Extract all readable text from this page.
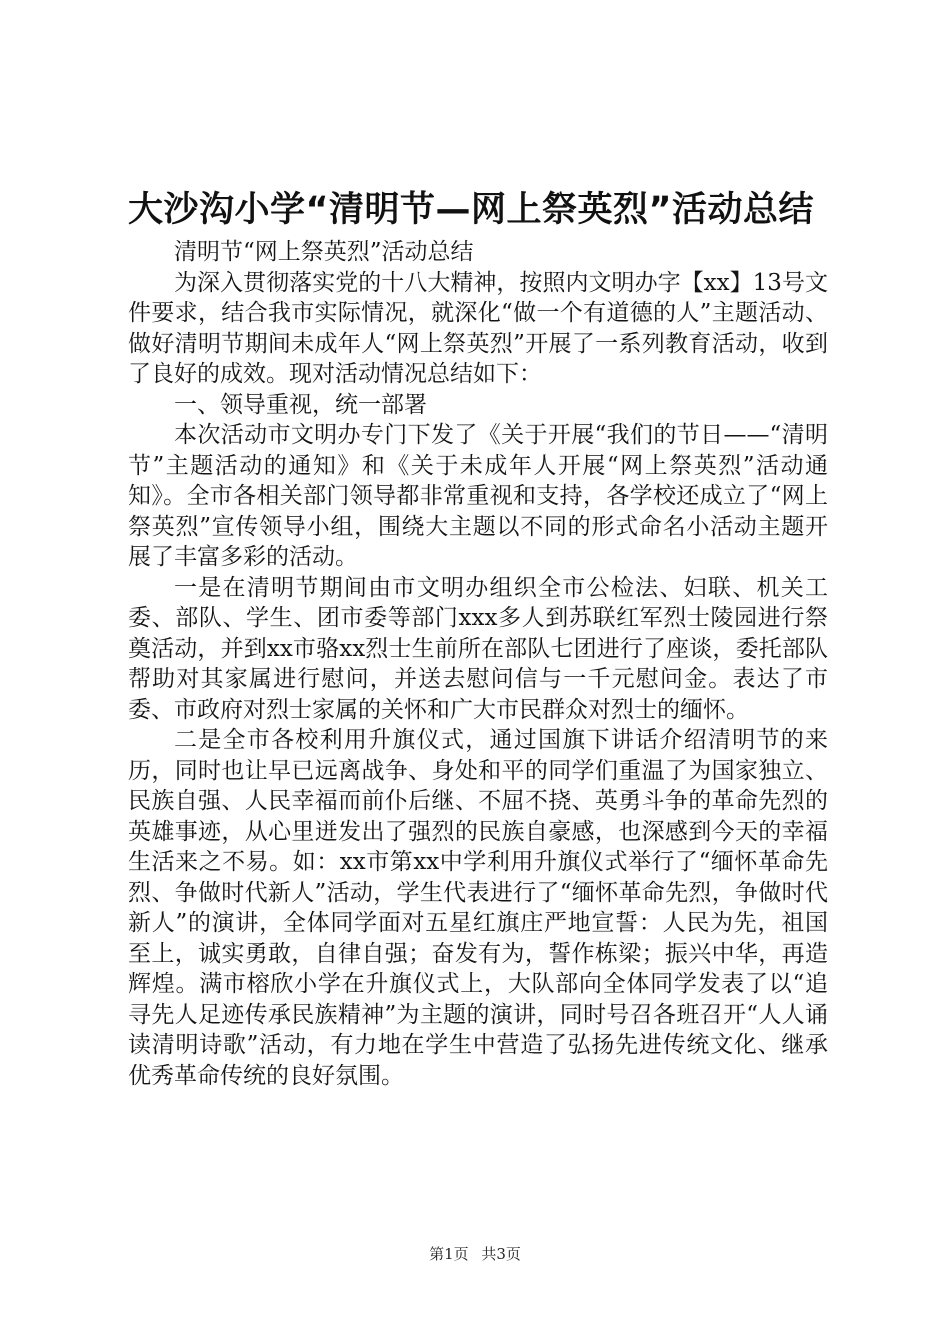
大沙沟小学“清明节—网上祭英烈”活动总结

清明节“网上祭英烈”活动总结

为深入贯彻落实党的十八大精神，按照内文明办字【xx】13号文件要求，结合我市实际情况，就深化“做一个有道德的人”主题活动、做好清明节期间未成年人“网上祭英烈”开展了一系列教育活动，收到了良好的成效。现对活动情况总结如下：

一、领导重视，统一部署

本次活动市文明办专门下发了《关于开展“我们的节日——“清明节”主题活动的通知》和《关于未成年人开展“网上祭英烈”活动通知》。全市各相关部门领导都非常重视和支持，各学校还成立了“网上祭英烈”宣传领导小组，围绕大主题以不同的形式命名小活动主题开展了丰富多彩的活动。

一是在清明节期间由市文明办组织全市公检法、妇联、机关工委、部队、学生、团市委等部门xxx多人到苏联红军烈士陵园进行祭奠活动，并到xx市骆xx烈士生前所在部队七团进行了座谈，委托部队帮助对其家属进行慰问，并送去慰问信与一千元慰问金。表达了市委、市政府对烈士家属的关怀和广大市民群众对烈士的缅怀。

二是全市各校利用升旗仪式，通过国旗下讲话介绍清明节的来历，同时也让早已远离战争、身处和平的同学们重温了为国家独立、民族自强、人民幸福而前仆后继、不屈不挠、英勇斗争的革命先烈的英雄事迹，从心里迸发出了强烈的民族自豪感，也深感到今天的幸福生活来之不易。如：xx市第xx中学利用升旗仪式举行了“缅怀革命先烈、争做时代新人”活动，学生代表进行了“缅怀革命先烈，争做时代新人”的演讲，全体同学面对五星红旗庄严地宣誓：人民为先，祖国至上，诚实勇敢，自律自强；奋发有为，誓作栋梁；振兴中华，再造辉煌。满市榕欣小学在升旗仪式上，大队部向全体同学发表了以“追寻先人足迹传承民族精神”为主题的演讲，同时号召各班召开“人人诵读清明诗歌”活动，有力地在学生中营造了弘扬先进传统文化、继承优秀革命传统的良好氛围。

第1页 共3页
